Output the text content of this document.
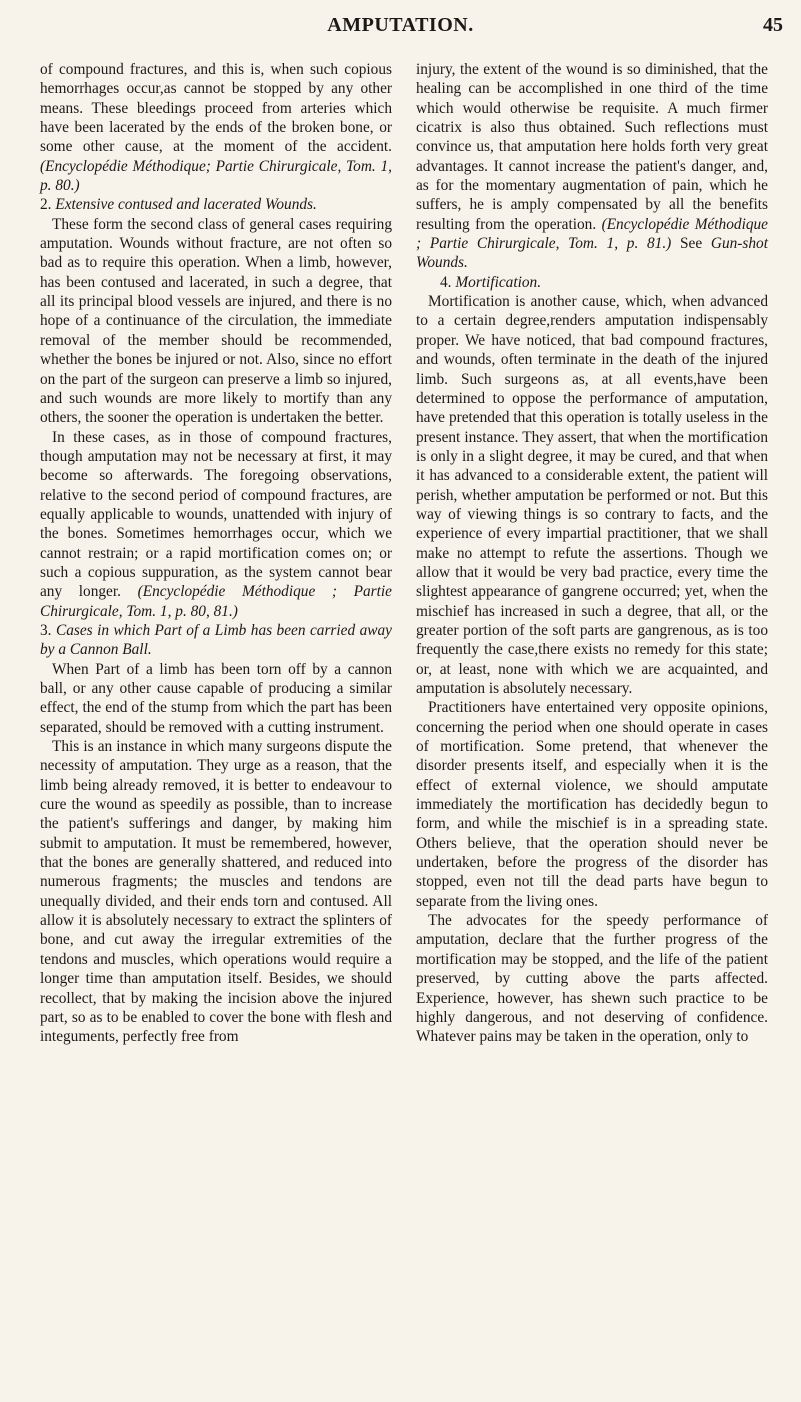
AMPUTATION.	45

of compound fractures, and this is, when such copious hemorrhages occur,as cannot be stopped by any other means. These bleedings proceed from arteries which have been lacerated by the ends of the broken bone, or some other cause, at the moment of the accident. (Encyclopédie Méthodique; Partie Chirurgicale, Tom. 1, p. 80.)

2. Extensive contused and lacerated Wounds.

These form the second class of general cases requiring amputation. Wounds without fracture, are not often so bad as to require this operation. When a limb, however, has been contused and lacerated, in such a degree, that all its principal blood vessels are injured, and there is no hope of a continuance of the circulation, the immediate removal of the member should be recommended, whether the bones be injured or not. Also, since no effort on the part of the surgeon can preserve a limb so injured, and such wounds are more likely to mortify than any others, the sooner the operation is undertaken the better.

In these cases, as in those of compound fractures, though amputation may not be necessary at first, it may become so afterwards. The foregoing observations, relative to the second period of compound fractures, are equally applicable to wounds, unattended with injury of the bones. Sometimes hemorrhages occur, which we cannot restrain; or a rapid mortification comes on; or such a copious suppuration, as the system cannot bear any longer. (Encyclopédie Méthodique ; Partie Chirurgicale, Tom. 1, p. 80, 81.)

3. Cases in which Part of a Limb has been carried away by a Cannon Ball.

When Part of a limb has been torn off by a cannon ball, or any other cause capable of producing a similar effect, the end of the stump from which the part has been separated, should be removed with a cutting instrument.

This is an instance in which many surgeons dispute the necessity of amputation. They urge as a reason, that the limb being already removed, it is better to endeavour to cure the wound as speedily as possible, than to increase the patient's sufferings and danger, by making him submit to amputation. It must be remembered, however, that the bones are generally shattered, and reduced into numerous fragments; the muscles and tendons are unequally divided, and their ends torn and contused. All allow it is absolutely necessary to extract the splinters of bone, and cut away the irregular extremities of the tendons and muscles, which operations would require a longer time than amputation itself. Besides, we should recollect, that by making the incision above the injured part, so as to be enabled to cover the bone with flesh and integuments, perfectly free from

injury, the extent of the wound is so diminished, that the healing can be accomplished in one third of the time which would otherwise be requisite. A much firmer cicatrix is also thus obtained. Such reflections must convince us, that amputation here holds forth very great advantages. It cannot increase the patient's danger, and, as for the momentary augmentation of pain, which he suffers, he is amply compensated by all the benefits resulting from the operation. (Encyclopédie Méthodique ; Partie Chirurgicale, Tom. 1, p. 81.) See Gun-shot Wounds.

4. Mortification.

Mortification is another cause, which, when advanced to a certain degree,renders amputation indispensably proper. We have noticed, that bad compound fractures, and wounds, often terminate in the death of the injured limb. Such surgeons as, at all events,have been determined to oppose the performance of amputation, have pretended that this operation is totally useless in the present instance. They assert, that when the mortification is only in a slight degree, it may be cured, and that when it has advanced to a considerable extent, the patient will perish, whether amputation be performed or not. But this way of viewing things is so contrary to facts, and the experience of every impartial practitioner, that we shall make no attempt to refute the assertions. Though we allow that it would be very bad practice, every time the slightest appearance of gangrene occurred; yet, when the mischief has increased in such a degree, that all, or the greater portion of the soft parts are gangrenous, as is too frequently the case,there exists no remedy for this state; or, at least, none with which we are acquainted, and amputation is absolutely necessary.

Practitioners have entertained very opposite opinions, concerning the period when one should operate in cases of mortification. Some pretend, that whenever the disorder presents itself, and especially when it is the effect of external violence, we should amputate immediately the mortification has decidedly begun to form, and while the mischief is in a spreading state. Others believe, that the operation should never be undertaken, before the progress of the disorder has stopped, even not till the dead parts have begun to separate from the living ones.

The advocates for the speedy performance of amputation, declare that the further progress of the mortification may be stopped, and the life of the patient preserved, by cutting above the parts affected. Experience, however, has shewn such practice to be highly dangerous, and not deserving of confidence. Whatever pains may be taken in the operation, only to
